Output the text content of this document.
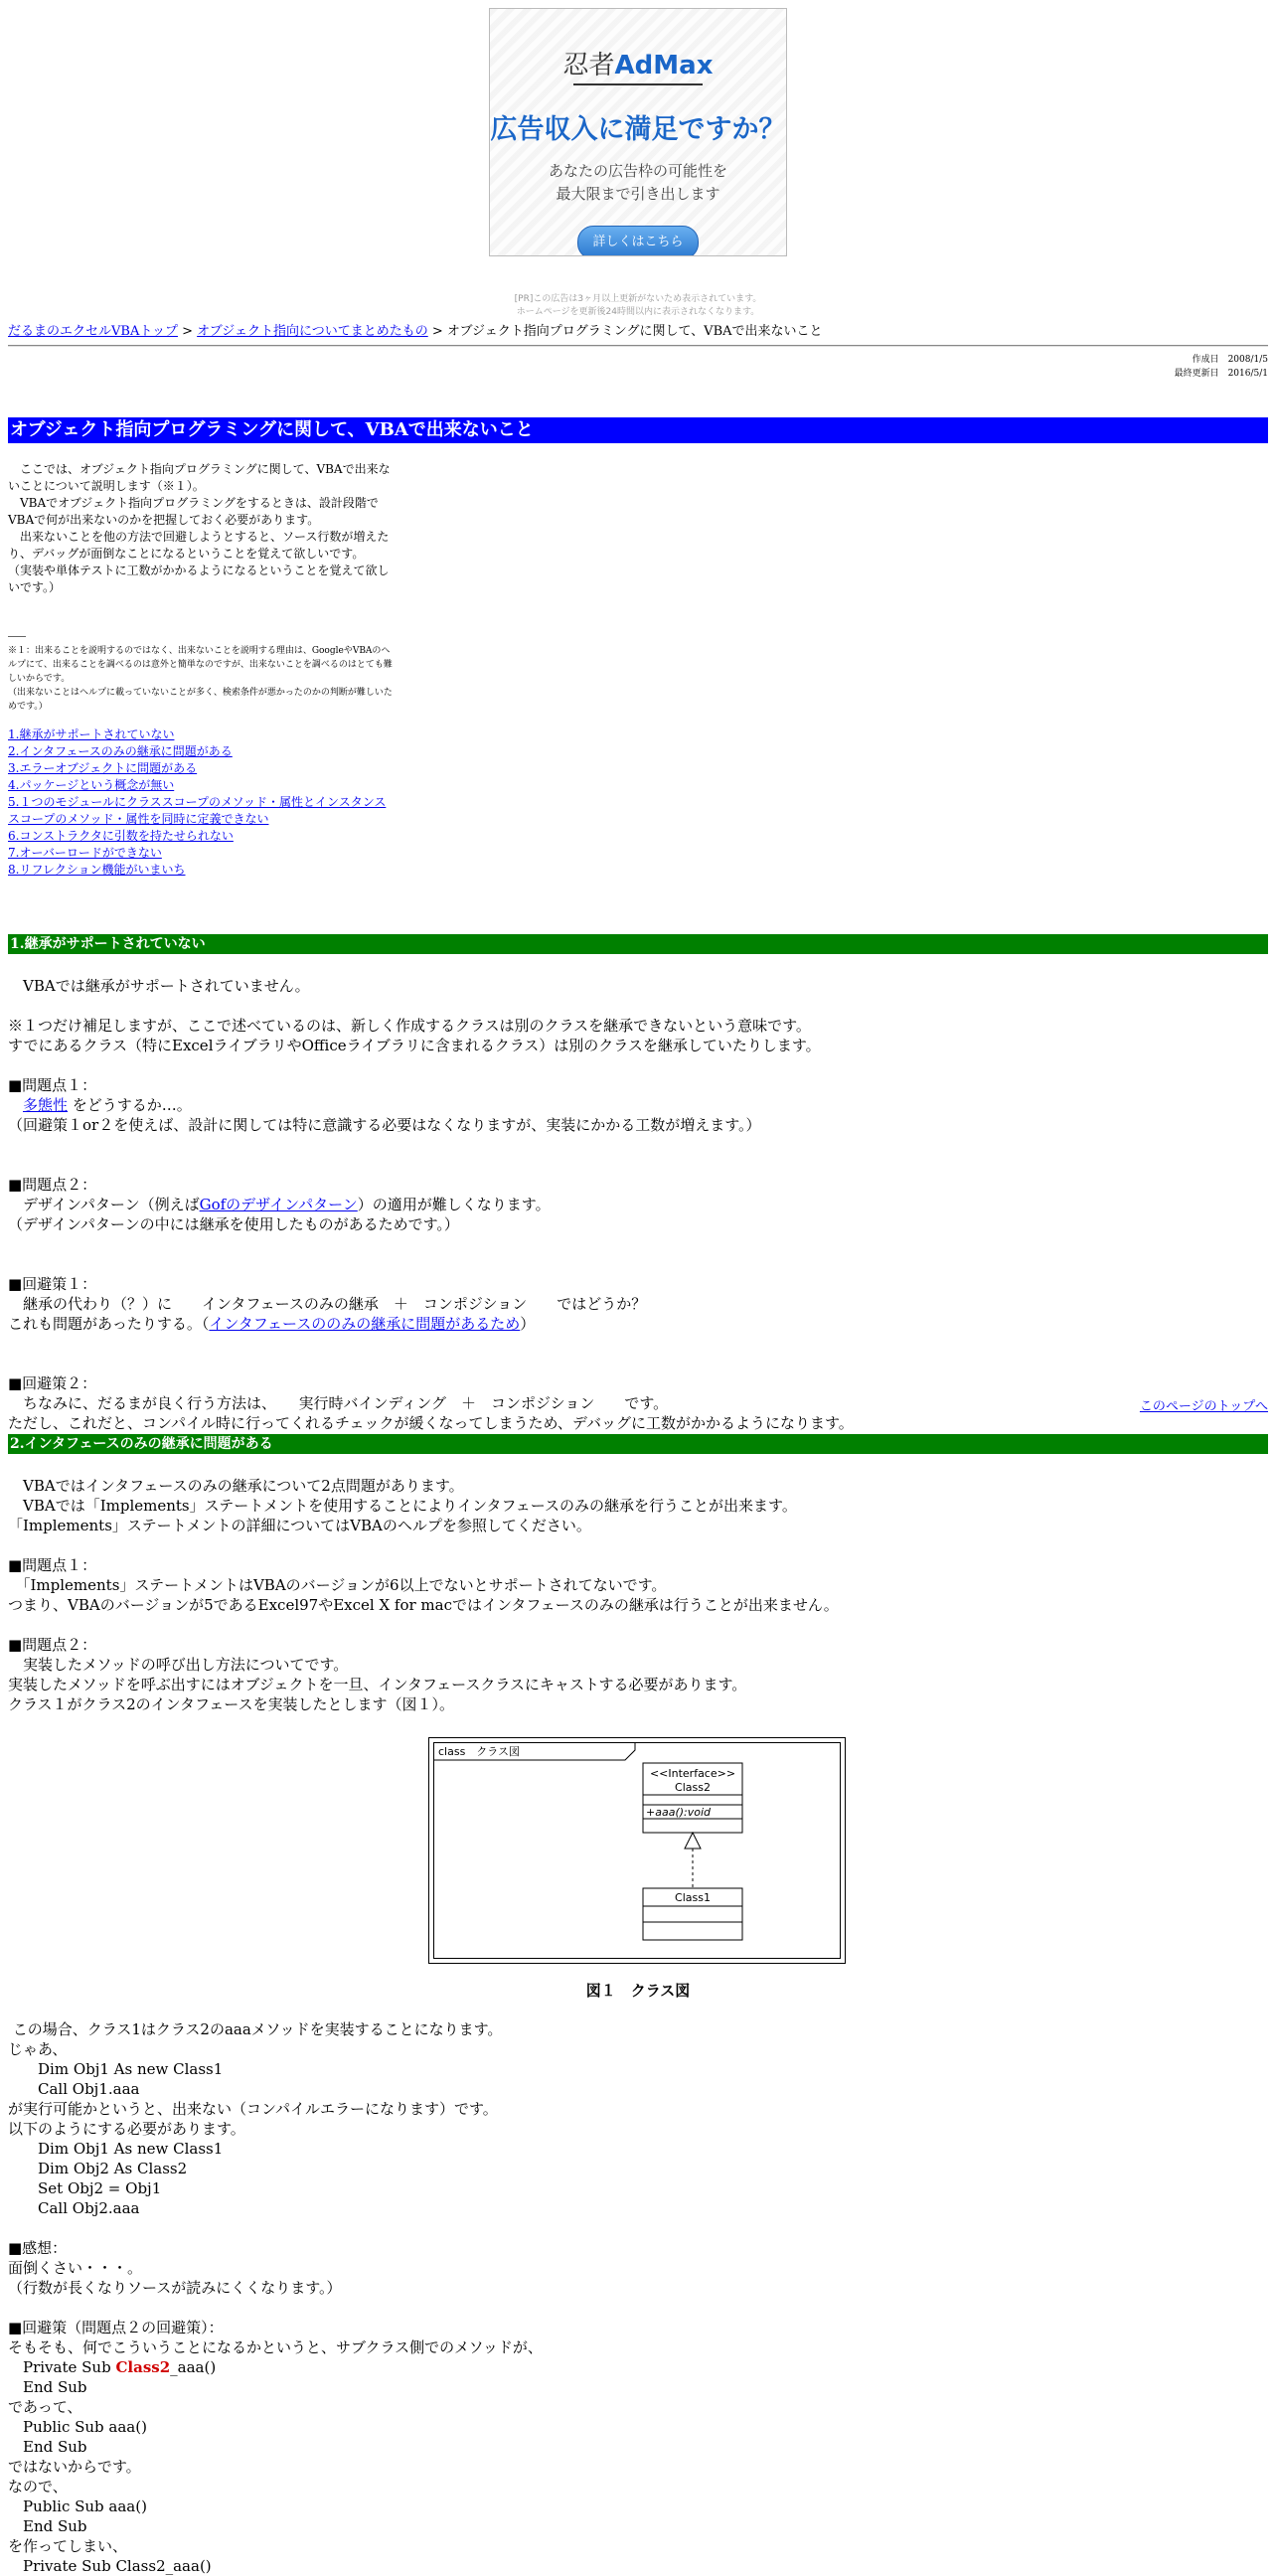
忍者AdMax
広告収入に満足ですか？
あなたの広告枠の可能性を
最大限まで引き出します
詳しくはこちら
[PR]この広告は3ヶ月以上更新がないため表示されています。
ホームページを更新後24時間以内に表示されなくなります。
だるまのエクセルVBAトップ > オブジェクト指向についてまとめたもの > オブジェクト指向プログラミングに関して、VBAで出来ないこと
作成日　2008/1/5
最終更新日　2016/5/1
オブジェクト指向プログラミングに関して、VBAで出来ないこと
　ここでは、オブジェクト指向プログラミングに関して、VBAで出来ないことについて説明します（※１）。
　VBAでオブジェクト指向プログラミングをするときは、設計段階でVBAで何が出来ないのかを把握しておく必要があります。
　出来ないことを他の方法で回避しようとすると、ソース行数が増えたり、デバッグが面倒なことになるということを覚えて欲しいです。
（実装や単体テストに工数がかかるようになるということを覚えて欲しいです。）
――
※１：出来ることを説明するのではなく、出来ないことを説明する理由は、GoogleやVBAのヘルプにて、出来ることを調べるのは意外と簡単なのですが、出来ないことを調べるのはとても難しいからです。
（出来ないことはヘルプに載っていないことが多く、検索条件が悪かったのかの判断が難しいためです。）
1.継承がサポートされていない
2.インタフェースのみの継承に問題がある
3.エラーオブジェクトに問題がある
4.パッケージという概念が無い
5.１つのモジュールにクラススコープのメソッド・属性とインスタンススコープのメソッド・属性を同時に定義できない
6.コンストラクタに引数を持たせられない
7.オーバーロードができない
8.リフレクション機能がいまいち
1.継承がサポートされていない
　VBAでは継承がサポートされていません。
※１つだけ補足しますが、ここで述べているのは、新しく作成するクラスは別のクラスを継承できないという意味です。
すでにあるクラス（特にExcelライブラリやOfficeライブラリに含まれるクラス）は別のクラスを継承していたりします。
■問題点１：
　多態性 をどうするか…。
（回避策１or２を使えば、設計に関しては特に意識する必要はなくなりますが、実装にかかる工数が増えます。）
■問題点２：
　デザインパターン（例えばGofのデザインパターン）の適用が難しくなります。
（デザインパターンの中には継承を使用したものがあるためです。）
■回避策１：
　継承の代わり（？）に　　インタフェースのみの継承　＋　コンポジション　　ではどうか？
これも問題があったりする。（インタフェースののみの継承に問題があるため）
■回避策２：
　ちなみに、だるまが良く行う方法は、　　実行時バインディング　＋　コンポジション　　です。
ただし、これだと、コンパイル時に行ってくれるチェックが緩くなってしまうため、デバッグに工数がかかるようになります。
このページのトップへ
2.インタフェースのみの継承に問題がある
　VBAではインタフェースのみの継承について2点問題があります。
　VBAでは「Implements」ステートメントを使用することによりインタフェースのみの継承を行うことが出来ます。
「Implements」ステートメントの詳細についてはVBAのヘルプを参照してください。
■問題点１：
　「Implements」ステートメントはVBAのバージョンが6以上でないとサポートされてないです。
つまり、VBAのバージョンが5であるExcel97やExcel X for macではインタフェースのみの継承は行うことが出来ません。
■問題点２：
　実装したメソッドの呼び出し方法についてです。
実装したメソッドを呼ぶ出すにはオブジェクトを一旦、インタフェースクラスにキャストする必要があります。
クラス１がクラス2のインタフェースを実装したとします（図１）。
class　クラス図
<<Interface>>
Class2
+aaa():void
Class1
図１　クラス図
この場合、クラス1はクラス2のaaaメソッドを実装することになります。
じゃあ、
　　Dim Obj1 As new Class1
　　Call Obj1.aaa
が実行可能かというと、出来ない（コンパイルエラーになります）です。
以下のようにする必要があります。
　　Dim Obj1 As new Class1
　　Dim Obj2 As Class2
　　Set Obj2 = Obj1
　　Call Obj2.aaa
■感想：
面倒くさい・・・。
（行数が長くなりソースが読みにくくなります。）
■回避策（問題点２の回避策）：
そもそも、何でこういうことになるかというと、サブクラス側でのメソッドが、
　Private Sub Class2_aaa()
　End Sub
であって、
　Public Sub aaa()
　End Sub
ではないからです。
なので、
　Public Sub aaa()
　End Sub
を作ってしまい、
　Private Sub Class2_aaa()
